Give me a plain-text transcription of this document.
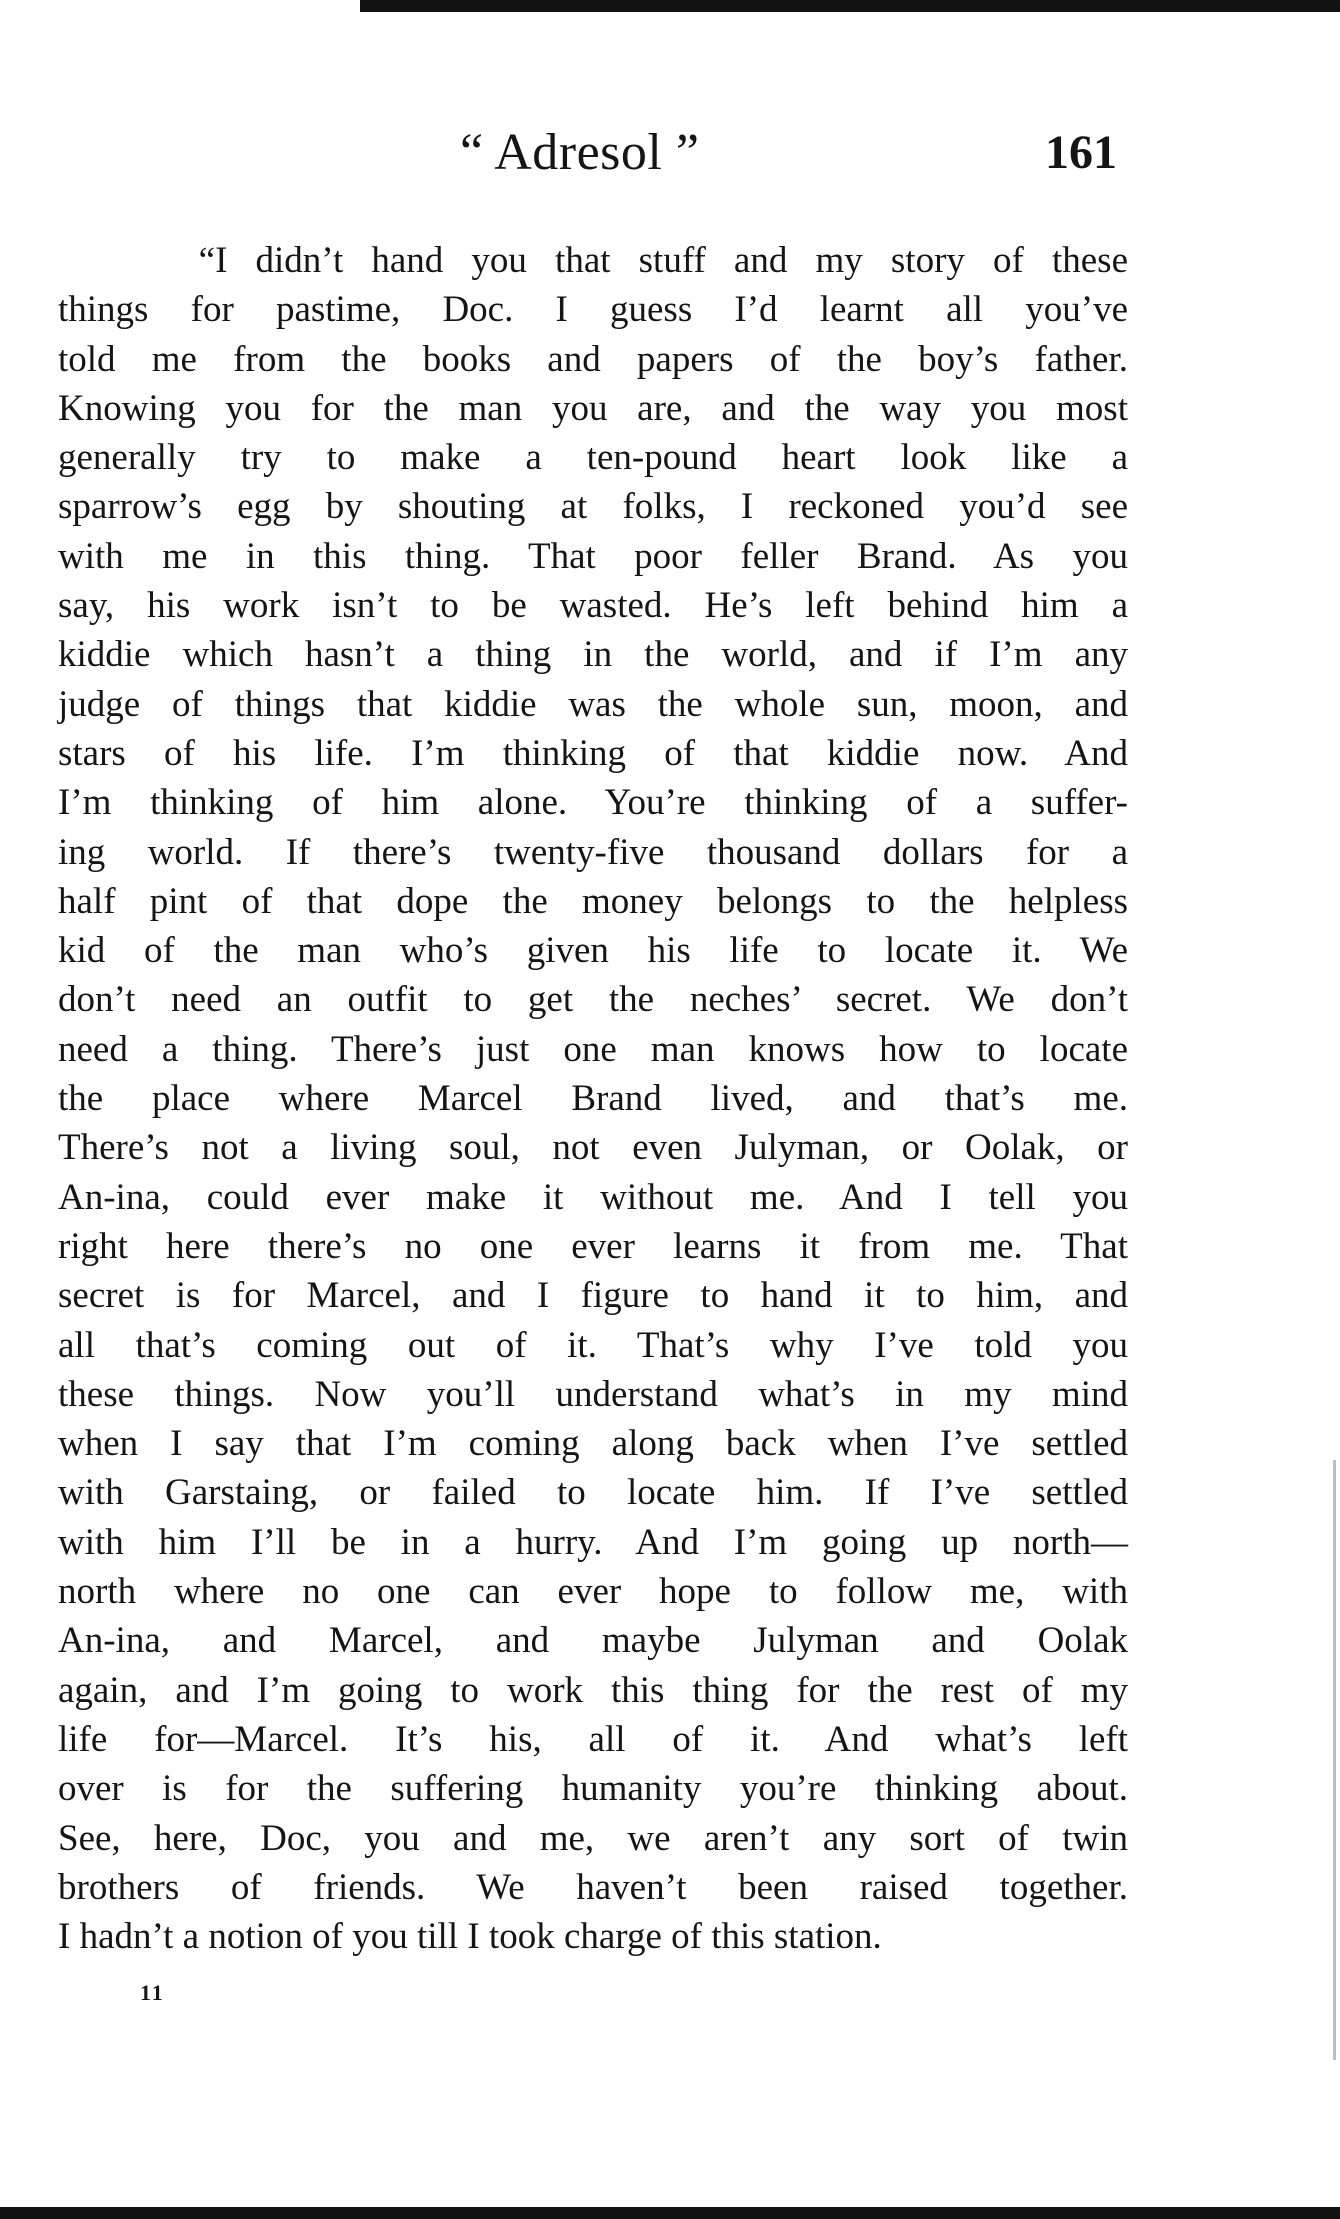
“ Adresol ”	161
“I didn’t hand you that stuff and my story of these
things for pastime, Doc. I guess I’d learnt all you’ve
told me from the books and papers of the boy’s father.
Knowing you for the man you are, and the way you most
generally try to make a ten-pound heart look like a
sparrow’s egg by shouting at folks, I reckoned you’d see
with me in this thing. That poor feller Brand. As you
say, his work isn’t to be wasted. He’s left behind him a
kiddie which hasn’t a thing in the world, and if I’m any
judge of things that kiddie was the whole sun, moon, and
stars of his life. I’m thinking of that kiddie now. And
I’m thinking of him alone. You’re thinking of a suffer-
ing world. If there’s twenty-five thousand dollars for a
half pint of that dope the money belongs to the helpless
kid of the man who’s given his life to locate it. We
don’t need an outfit to get the neches’ secret. We don’t
need a thing. There’s just one man knows how to locate
the place where Marcel Brand lived, and that’s me.
There’s not a living soul, not even Julyman, or Oolak, or
An-ina, could ever make it without me. And I tell you
right here there’s no one ever learns it from me. That
secret is for Marcel, and I figure to hand it to him, and
all that’s coming out of it. That’s why I’ve told you
these things. Now you’ll understand what’s in my mind
when I say that I’m coming along back when I’ve settled
with Garstaing, or failed to locate him. If I’ve settled
with him I’ll be in a hurry. And I’m going up north—
north where no one can ever hope to follow me, with
An-ina, and Marcel, and maybe Julyman and Oolak
again, and I’m going to work this thing for the rest of my
life for—Marcel. It’s his, all of it. And what’s left
over is for the suffering humanity you’re thinking about.
See, here, Doc, you and me, we aren’t any sort of twin
brothers of friends. We haven’t been raised together.
I hadn’t a notion of you till I took charge of this station.
11
